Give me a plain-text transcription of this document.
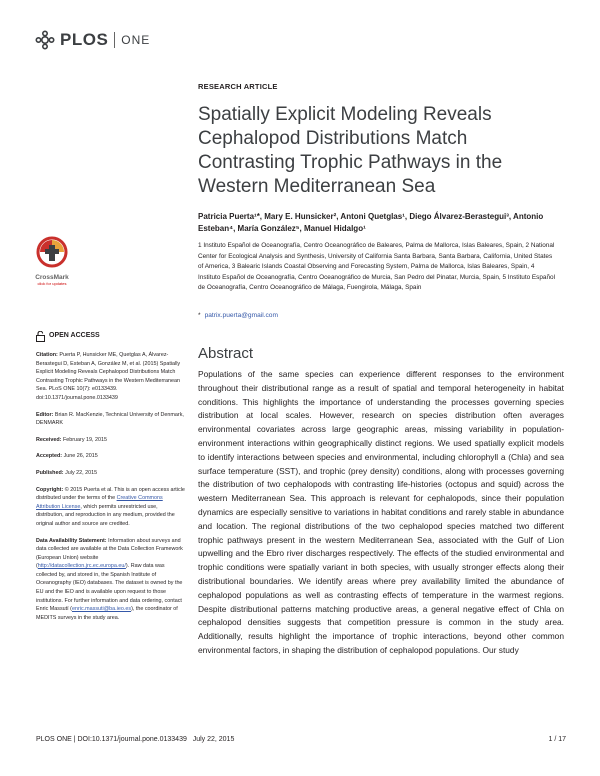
PLOS ONE
RESEARCH ARTICLE
Spatially Explicit Modeling Reveals Cephalopod Distributions Match Contrasting Trophic Pathways in the Western Mediterranean Sea
Patricia Puerta¹*, Mary E. Hunsicker², Antoni Quetglas¹, Diego Álvarez-Berastegui³, Antonio Esteban⁴, María González⁵, Manuel Hidalgo¹
1 Instituto Español de Oceanografía, Centro Oceanográfico de Baleares, Palma de Mallorca, Islas Baleares, Spain, 2 National Center for Ecological Analysis and Synthesis, University of California Santa Barbara, Santa Barbara, California, United States of America, 3 Balearic Islands Coastal Observing and Forecasting System, Palma de Mallorca, Islas Baleares, Spain, 4 Instituto Español de Oceanografía, Centro Oceanográfico de Murcia, San Pedro del Pinatar, Murcia, Spain, 5 Instituto Español de Oceanografía, Centro Oceanográfico de Málaga, Fuengirola, Málaga, Spain
* patrix.puerta@gmail.com
Abstract
Populations of the same species can experience different responses to the environment throughout their distributional range as a result of spatial and temporal heterogeneity in habitat conditions. This highlights the importance of understanding the processes governing species distribution at local scales. However, research on species distribution often averages environmental covariates across large geographic areas, missing variability in population-environment interactions within geographically distinct regions. We used spatially explicit models to identify interactions between species and environmental, including chlorophyll a (Chla) and sea surface temperature (SST), and trophic (prey density) conditions, along with processes governing the distribution of two cephalopods with contrasting life-histories (octopus and squid) across the western Mediterranean Sea. This approach is relevant for cephalopods, since their population dynamics are especially sensitive to variations in habitat conditions and rarely stable in abundance and location. The regional distributions of the two cephalopod species matched two different trophic pathways present in the western Mediterranean Sea, associated with the Gulf of Lion upwelling and the Ebro river discharges respectively. The effects of the studied environmental and trophic conditions were spatially variant in both species, with usually stronger effects along their distributional boundaries. We identify areas where prey availability limited the abundance of cephalopod populations as well as contrasting effects of temperature in the warmest regions. Despite distributional patterns matching productive areas, a general negative effect of Chla on cephalopod densities suggests that competition pressure is common in the study area. Additionally, results highlight the importance of trophic interactions, beyond other common environmental factors, in shaping the distribution of cephalopod populations. Our study
CrossMark
click for updates
OPEN ACCESS

Citation: Puerta P, Hunsicker ME, Quetglas A, Álvarez-Berastegui D, Esteban A, González M, et al. (2015) Spatially Explicit Modeling Reveals Cephalopod Distributions Match Contrasting Trophic Pathways in the Western Mediterranean Sea. PLoS ONE 10(7): e0133439. doi:10.1371/journal.pone.0133439

Editor: Brian R. MacKenzie, Technical University of Denmark, DENMARK

Received: February 19, 2015

Accepted: June 26, 2015

Published: July 22, 2015

Copyright: © 2015 Puerta et al. This is an open access article distributed under the terms of the Creative Commons Attribution License, which permits unrestricted use, distribution, and reproduction in any medium, provided the original author and source are credited.

Data Availability Statement: Information about surveys and data collected are available at the Data Collection Framework (European Union) website (http://datacollection.jrc.ec.europa.eu/). Raw data was collected by, and stored in, the Spanish Institute of Oceanography (IEO) databases. The dataset is owned by the EU and the IEO and is available upon request to those institutions. For further information and data ordering, contact Enric Massutí (enric.massuti@ba.ieo.es), the coordinator of MEDITS surveys in the study area.

PLOS ONE | DOI:10.1371/journal.pone.0133439   July 22, 2015	1 / 17
